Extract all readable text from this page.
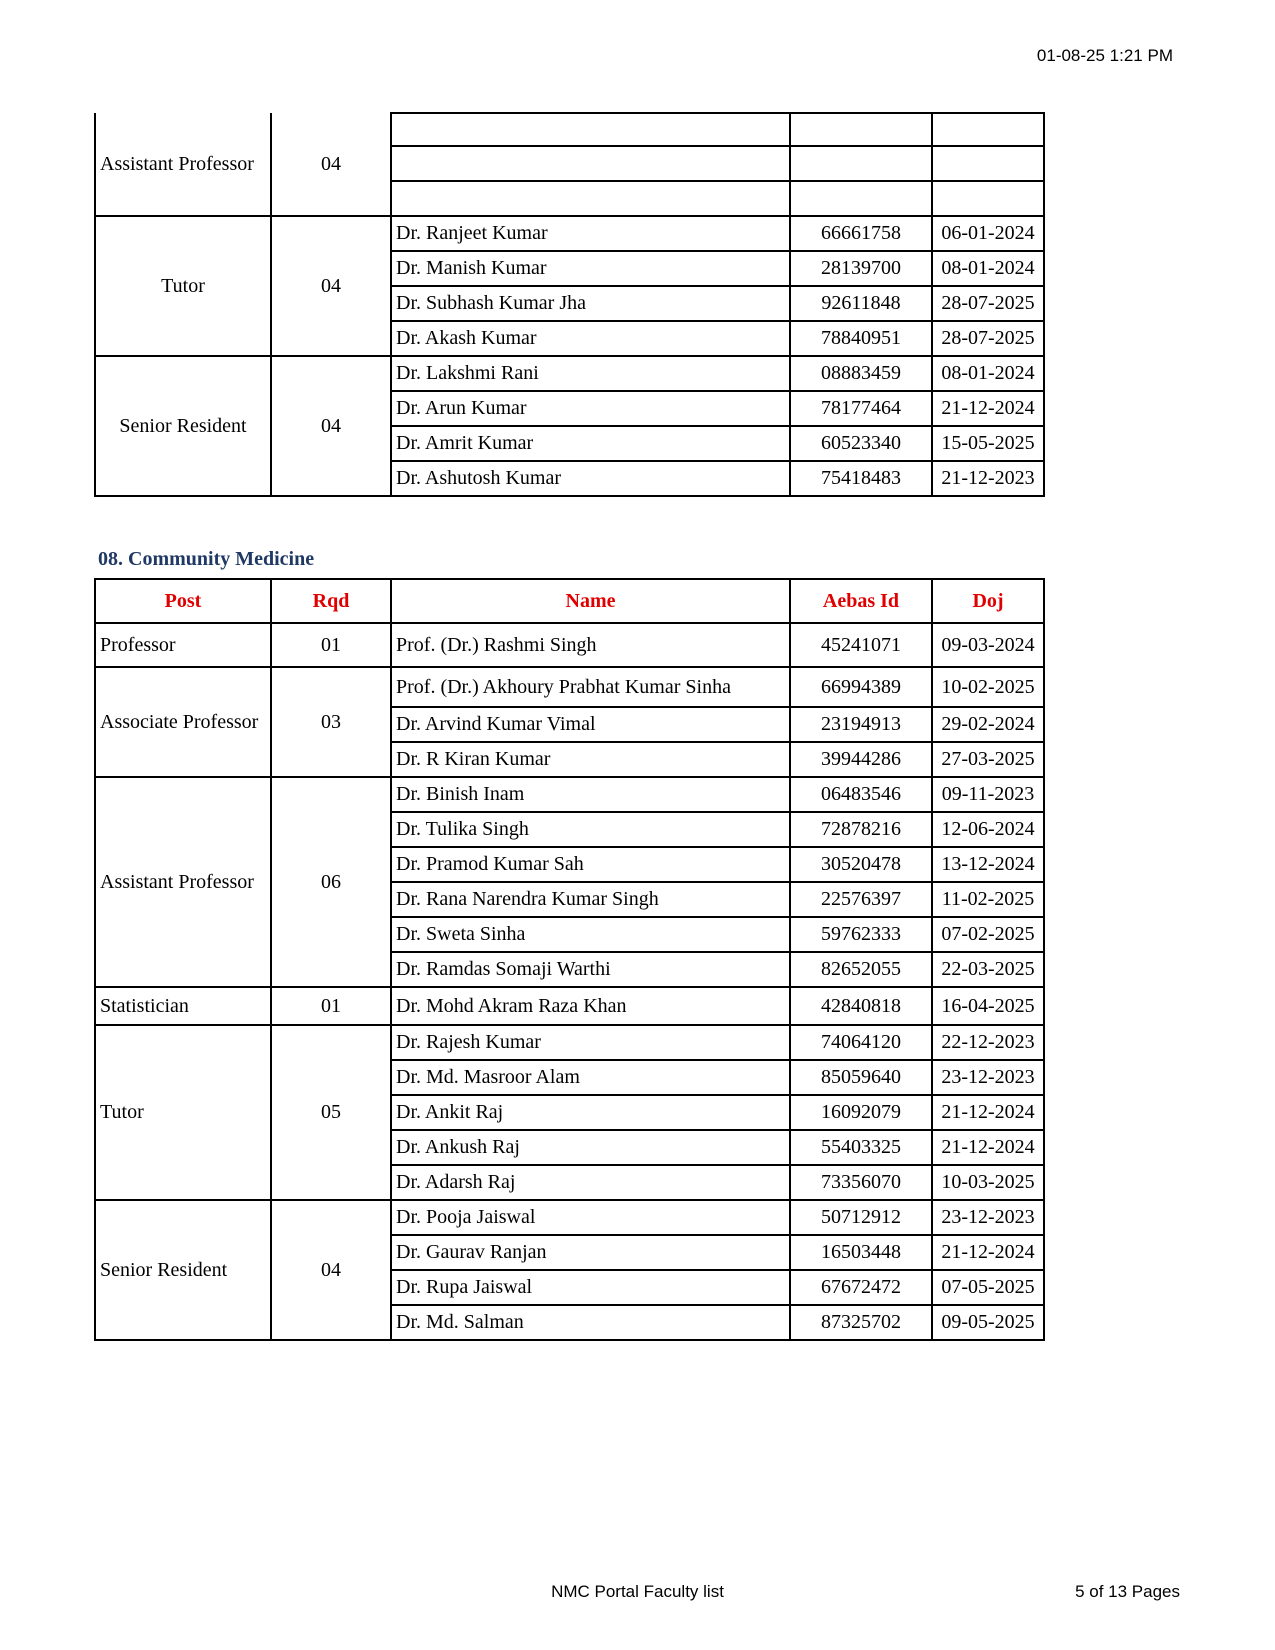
01-08-25 1:21 PM
Assistant Professor	04			

Tutor	04	Dr. Ranjeet Kumar	66661758	06-01-2024
		Dr. Manish Kumar	28139700	08-01-2024
		Dr. Subhash Kumar Jha	92611848	28-07-2025
		Dr. Akash Kumar	78840951	28-07-2025
Senior Resident	04	Dr. Lakshmi Rani	08883459	08-01-2024
		Dr. Arun Kumar	78177464	21-12-2024
		Dr. Amrit Kumar	60523340	15-05-2025
		Dr. Ashutosh Kumar	75418483	21-12-2023
08. Community Medicine
Post	Rqd	Name	Aebas Id	Doj
Professor	01	Prof. (Dr.) Rashmi Singh	45241071	09-03-2024
Associate Professor	03	Prof. (Dr.) Akhoury Prabhat Kumar Sinha	66994389	10-02-2025
		Dr. Arvind Kumar Vimal	23194913	29-02-2024
		Dr. R Kiran Kumar	39944286	27-03-2025
Assistant Professor	06	Dr. Binish Inam	06483546	09-11-2023
		Dr. Tulika Singh	72878216	12-06-2024
		Dr. Pramod Kumar Sah	30520478	13-12-2024
		Dr. Rana Narendra Kumar Singh	22576397	11-02-2025
		Dr. Sweta Sinha	59762333	07-02-2025
		Dr. Ramdas Somaji Warthi	82652055	22-03-2025
Statistician	01	Dr. Mohd Akram Raza Khan	42840818	16-04-2025
Tutor	05	Dr. Rajesh Kumar	74064120	22-12-2023
		Dr. Md. Masroor Alam	85059640	23-12-2023
		Dr. Ankit Raj	16092079	21-12-2024
		Dr. Ankush Raj	55403325	21-12-2024
		Dr. Adarsh Raj	73356070	10-03-2025
Senior Resident	04	Dr. Pooja Jaiswal	50712912	23-12-2023
		Dr. Gaurav Ranjan	16503448	21-12-2024
		Dr. Rupa Jaiswal	67672472	07-05-2025
		Dr. Md. Salman	87325702	09-05-2025
NMC Portal Faculty list	5 of 13 Pages
